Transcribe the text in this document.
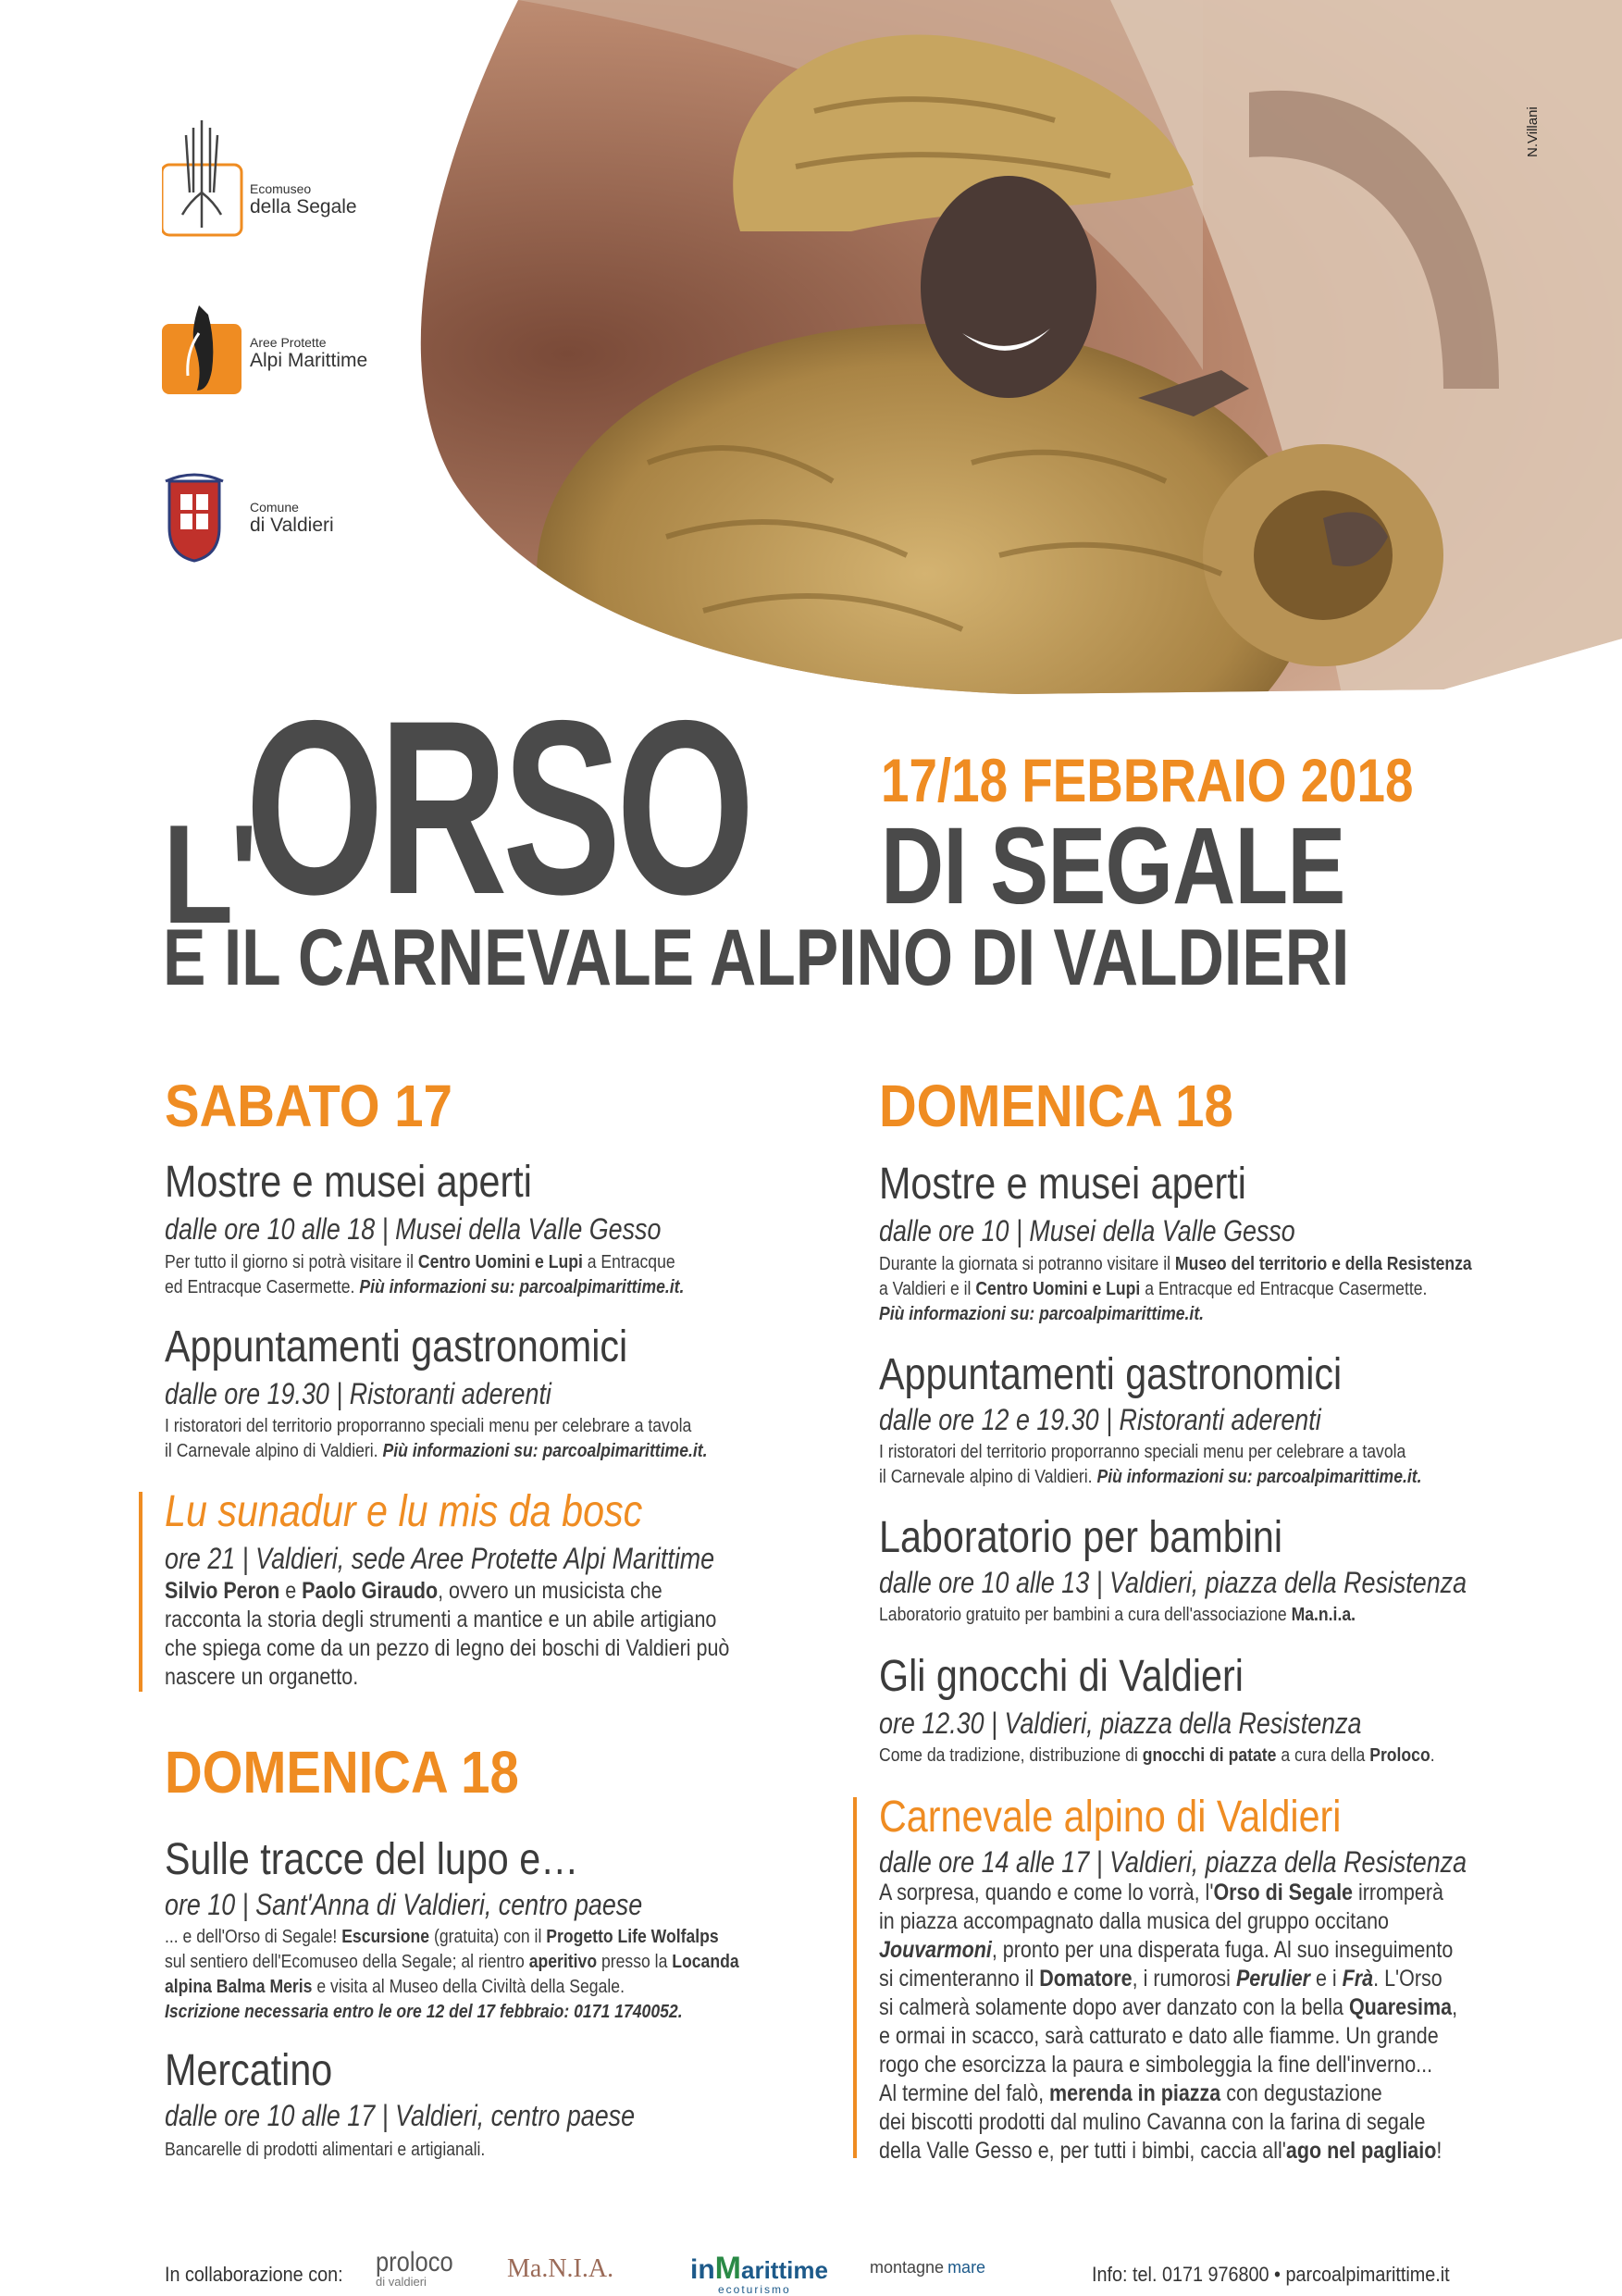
N.Villani
Ecomuseo
della Segale
Aree Protette
Alpi Marittime
Comune
di Valdieri
L'
ORSO 17/18 FEBBRAIO 2018
DI SEGALE
E IL CARNEVALE ALPINO DI VALDIERI
SABATO 17
Mostre e musei aperti
dalle ore 10 alle 18 | Musei della Valle Gesso
Per tutto il giorno si potrà visitare il Centro Uomini e Lupi a Entracque
ed Entracque Casermette. Più informazioni su: parcoalpimarittime.it.
Appuntamenti gastronomici
dalle ore 19.30 | Ristoranti aderenti
I ristoratori del territorio proporranno speciali menu per celebrare a tavola
il Carnevale alpino di Valdieri. Più informazioni su: parcoalpimarittime.it.
Lu sunadur e lu mis da bosc
ore 21 | Valdieri, sede Aree Protette Alpi Marittime
Silvio Peron e Paolo Giraudo, ovvero un musicista che
racconta la storia degli strumenti a mantice e un abile artigiano
che spiega come da un pezzo di legno dei boschi di Valdieri può
nascere un organetto.
DOMENICA 18
Sulle tracce del lupo e…
ore 10 | Sant'Anna di Valdieri, centro paese
... e dell'Orso di Segale! Escursione (gratuita) con il Progetto Life Wolfalps
sul sentiero dell'Ecomuseo della Segale; al rientro aperitivo presso la Locanda
alpina Balma Meris e visita al Museo della Civiltà della Segale.
Iscrizione necessaria entro le ore 12 del 17 febbraio: 0171 1740052.
Mercatino
dalle ore 10 alle 17 | Valdieri, centro paese
Bancarelle di prodotti alimentari e artigianali.
DOMENICA 18
Mostre e musei aperti
dalle ore 10 | Musei della Valle Gesso
Durante la giornata si potranno visitare il Museo del territorio e della Resistenza
a Valdieri e il Centro Uomini e Lupi a Entracque ed Entracque Casermette.
Più informazioni su: parcoalpimarittime.it.
Appuntamenti gastronomici
dalle ore 12 e 19.30 | Ristoranti aderenti
I ristoratori del territorio proporranno speciali menu per celebrare a tavola
il Carnevale alpino di Valdieri. Più informazioni su: parcoalpimarittime.it.
Laboratorio per bambini
dalle ore 10 alle 13 | Valdieri, piazza della Resistenza
Laboratorio gratuito per bambini a cura dell'associazione Ma.n.i.a.
Gli gnocchi di Valdieri
ore 12.30 | Valdieri, piazza della Resistenza
Come da tradizione, distribuzione di gnocchi di patate a cura della Proloco.
Carnevale alpino di Valdieri
dalle ore 14 alle 17 | Valdieri, piazza della Resistenza
A sorpresa, quando e come lo vorrà, l'Orso di Segale irromperà
in piazza accompagnato dalla musica del gruppo occitano
Jouvarmoni, pronto per una disperata fuga. Al suo inseguimento
si cimenteranno il Domatore, i rumorosi Perulier e i Frà. L'Orso
si calmerà solamente dopo aver danzato con la bella Quaresima,
e ormai in scacco, sarà catturato e dato alle fiamme. Un grande
rogo che esorcizza la paura e simboleggia la fine dell'inverno...
Al termine del falò, merenda in piazza con degustazione
dei biscotti prodotti dal mulino Cavanna con la farina di segale
della Valle Gesso e, per tutti i bimbi, caccia all'ago nel pagliaio!
In collaborazione con: proloco
di valdieri	Ma.N.I.A.	inMarittime
ecoturismo
montagne mare	Info: tel. 0171 976800 • parcoalpimarittime.it
